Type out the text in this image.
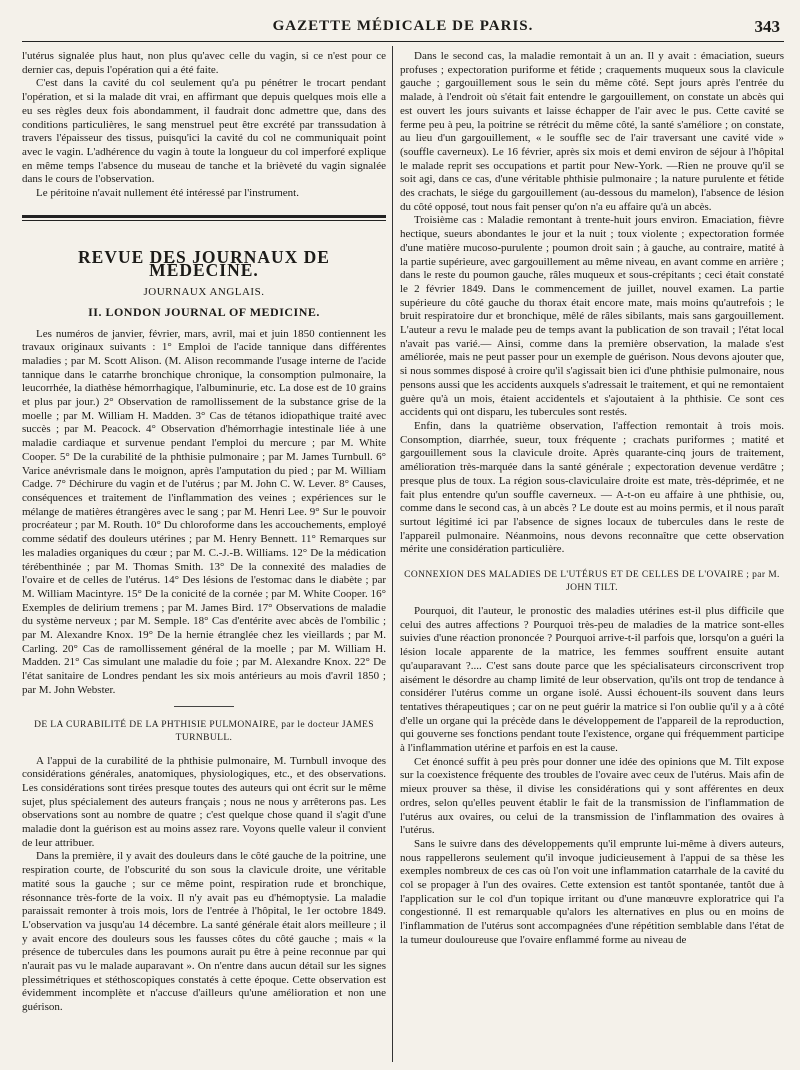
GAZETTE MÉDICALE DE PARIS.	343

l'utérus signalée plus haut, non plus qu'avec celle du vagin, si ce n'est pour ce dernier cas, depuis l'opération qui a été faite.

C'est dans la cavité du col seulement qu'a pu pénétrer le trocart pendant l'opération, et si la malade dit vrai, en affirmant que depuis quelques mois elle a eu ses règles deux fois abondamment, il faudrait donc admettre que, dans des conditions particulières, le sang menstruel peut être excrété par transsudation à travers l'épaisseur des tissus, puisqu'ici la cavité du col ne communiquait point avec le vagin. L'adhérence du vagin à toute la longueur du col imperforé explique en même temps l'absence du museau de tanche et la brièveté du vagin signalée dans le cours de l'observation.

Le péritoine n'avait nullement été intéressé par l'instrument.

REVUE DES JOURNAUX DE MÉDECINE.
JOURNAUX ANGLAIS.
II. LONDON JOURNAL OF MEDICINE.

Les numéros de janvier, février, mars, avril, mai et juin 1850 contiennent les travaux originaux suivants : 1° Emploi de l'acide tannique dans différentes maladies ; par M. Scott Alison. (M. Alison recommande l'usage interne de l'acide tannique dans le catarrhe bronchique chronique, la consomption pulmonaire, la leucorrhée, la diathèse hémorrhagique, l'albuminurie, etc. La dose est de 10 grains et plus par jour.) 2° Observation de ramollissement de la substance grise de la moelle ; par M. William H. Madden. 3° Cas de tétanos idiopathique traité avec succès ; par M. Peacock. 4° Observation d'hémorrhagie intestinale liée à une maladie cardiaque et survenue pendant l'emploi du mercure ; par M. White Cooper. 5° De la curabilité de la phthisie pulmonaire ; par M. James Turnbull. 6° Varice anévrismale dans le moignon, après l'amputation du pied ; par M. William Cadge. 7° Déchirure du vagin et de l'utérus ; par M. John C. W. Lever. 8° Causes, conséquences et traitement de l'inflammation des veines ; expériences sur le mélange de matières étrangères avec le sang ; par M. Henri Lee. 9° Sur le pouvoir procréateur ; par M. Routh. 10° Du chloroforme dans les accouchements, employé comme sédatif des douleurs utérines ; par M. Henry Bennett. 11° Remarques sur les maladies organiques du cœur ; par M. C.-J.-B. Williams. 12° De la médication térébenthinée ; par M. Thomas Smith. 13° De la connexité des maladies de l'ovaire et de celles de l'utérus. 14° Des lésions de l'estomac dans le diabète ; par M. William Macintyre. 15° De la conicité de la cornée ; par M. White Cooper. 16° Exemples de delirium tremens ; par M. James Bird. 17° Observations de maladie du système nerveux ; par M. Semple. 18° Cas d'entérite avec abcès de l'ombilic ; par M. Alexandre Knox. 19° De la hernie étranglée chez les vieillards ; par M. Carling. 20° Cas de ramollissement général de la moelle ; par M. William H. Madden. 21° Cas simulant une maladie du foie ; par M. Alexandre Knox. 22° De l'état sanitaire de Londres pendant les six mois antérieurs au mois d'avril 1850 ; par M. John Webster.

DE LA CURABILITÉ DE LA PHTHISIE PULMONAIRE, par le docteur JAMES TURNBULL.

A l'appui de la curabilité de la phthisie pulmonaire, M. Turnbull invoque des considérations générales, anatomiques, physiologiques, etc., et des observations. Les considérations sont tirées presque toutes des auteurs qui ont écrit sur le même sujet, plus spécialement des auteurs français ; nous ne nous y arrêterons pas. Les observations sont au nombre de quatre ; c'est quelque chose quand il s'agit d'une maladie dont la guérison est au moins assez rare. Voyons quelle valeur il convient de leur attribuer.

Dans la première, il y avait des douleurs dans le côté gauche de la poitrine, une respiration courte, de l'obscurité du son sous la clavicule droite, une véritable matité sous la gauche ; sur ce même point, respiration rude et bronchique, résonnance très-forte de la voix. Il n'y avait pas eu d'hémoptysie. La maladie paraissait remonter à trois mois, lors de l'entrée à l'hôpital, le 1er octobre 1849. L'observation va jusqu'au 14 décembre. La santé générale était alors meilleure ; il y avait encore des douleurs sous les fausses côtes du côté gauche ; mais « la présence de tubercules dans les poumons aurait pu être à peine reconnue par qui n'aurait pas vu le malade auparavant ». On n'entre dans aucun détail sur les signes plessimétriques et stéthoscopiques constatés à cette époque. Cette observation est évidemment incomplète et n'accuse d'ailleurs qu'une amélioration et non une guérison.

Dans le second cas, la maladie remontait à un an. Il y avait : émaciation, sueurs profuses ; expectoration puriforme et fétide ; craquements muqueux sous la clavicule gauche ; gargouillement sous le sein du même côté. Sept jours après l'entrée du malade, à l'endroit où s'était fait entendre le gargouillement, on constate un abcès qui est ouvert les jours suivants et laisse échapper de l'air avec le pus. Cette cavité se ferme peu à peu, la poitrine se rétrécit du même côté, la santé s'améliore ; on constate, au lieu d'un gargouillement, « le souffle sec de l'air traversant une cavité vide » (souffle caverneux). Le 16 février, après six mois et demi environ de séjour à l'hôpital le malade reprit ses occupations et partit pour New-York. —Rien ne prouve qu'il se soit agi, dans ce cas, d'une véritable phthisie pulmonaire ; la nature purulente et fétide des crachats, le siége du gargouillement (au-dessous du mamelon), l'absence de lésion du côté opposé, tout nous fait penser qu'on n'a eu affaire qu'à un abcès.

Troisième cas : Maladie remontant à trente-huit jours environ. Emaciation, fièvre hectique, sueurs abondantes le jour et la nuit ; toux violente ; expectoration formée d'une matière mucoso-purulente ; poumon droit sain ; à gauche, au contraire, matité à la partie supérieure, avec gargouillement au même niveau, en avant comme en arrière ; dans le reste du poumon gauche, râles muqueux et sous-crépitants ; ceci était constaté le 2 février 1849. Dans le commencement de juillet, nouvel examen. La partie supérieure du côté gauche du thorax était encore mate, mais moins qu'autrefois ; le bruit respiratoire dur et bronchique, mêlé de râles sibilants, mais sans gargouillement. L'auteur a revu le malade peu de temps avant la publication de son travail ; l'état local n'avait pas varié.— Ainsi, comme dans la première observation, la malade s'est améliorée, mais ne peut passer pour un exemple de guérison. Nous devons ajouter que, si nous sommes disposé à croire qu'il s'agissait bien ici d'une phthisie pulmonaire, nous pensons aussi que les accidents auxquels s'adressait le traitement, et qui ne remontaient guère qu'à un mois, étaient accidentels et s'ajoutaient à la phthisie. Ce sont ces accidents qui ont disparu, les tubercules sont restés.

Enfin, dans la quatrième observation, l'affection remontait à trois mois. Consomption, diarrhée, sueur, toux fréquente ; crachats puriformes ; matité et gargouillement sous la clavicule droite. Après quarante-cinq jours de traitement, amélioration très-marquée dans la santé générale ; expectoration devenue verdâtre ; presque plus de toux. La région sous-claviculaire droite est mate, très-déprimée, et ne fait plus entendre qu'un souffle caverneux. — A-t-on eu affaire à une phthisie, ou, comme dans le second cas, à un abcès ? Le doute est au moins permis, et il nous paraît surtout légitimé ici par l'absence de signes locaux de tubercules dans le reste de l'appareil pulmonaire. Néanmoins, nous devons reconnaître que cette observation mérite une considération particulière.

CONNEXION DES MALADIES DE L'UTÉRUS ET DE CELLES DE L'OVAIRE ; par M. JOHN TILT.

Pourquoi, dit l'auteur, le pronostic des maladies utérines est-il plus difficile que celui des autres affections ? Pourquoi très-peu de maladies de la matrice sont-elles suivies d'une réaction prononcée ? Pourquoi arrive-t-il parfois que, lorsqu'on a guéri la lésion locale apparente de la matrice, les femmes souffrent ensuite autant qu'auparavant ?.... C'est sans doute parce que les spécialisateurs circonscrivent trop aisément le désordre au champ limité de leur observation, qu'ils ont trop de tendance à considérer l'utérus comme un organe isolé. Aussi échouent-ils souvent dans leurs tentatives thérapeutiques ; car on ne peut guérir la matrice si l'on oublie qu'il y a à côté d'elle un organe qui la précède dans le développement de l'appareil de la reproduction, qui gouverne ses fonctions pendant toute l'existence, organe qui fréquemment participe à l'inflammation utérine et parfois en est la cause.

Cet énoncé suffit à peu près pour donner une idée des opinions que M. Tilt expose sur la coexistence fréquente des troubles de l'ovaire avec ceux de l'utérus. Mais afin de mieux prouver sa thèse, il divise les considérations qui y sont afférentes en deux ordres, selon qu'elles peuvent établir le fait de la transmission de l'inflammation de l'utérus aux ovaires, ou celui de la transmission de l'inflammation des ovaires à l'utérus.

Sans le suivre dans des développements qu'il emprunte lui-même à divers auteurs, nous rappellerons seulement qu'il invoque judicieusement à l'appui de sa thèse les exemples nombreux de ces cas où l'on voit une inflammation catarrhale de la cavité du col se propager à l'un des ovaires. Cette extension est tantôt spontanée, tantôt due à l'application sur le col d'un topique irritant ou d'une manœuvre exploratrice qui l'a congestionné. Il est remarquable qu'alors les alternatives en plus ou en moins de l'inflammation de l'utérus sont accompagnées d'une répétition semblable dans l'état de la tumeur douloureuse que l'ovaire enflammé forme au niveau de
